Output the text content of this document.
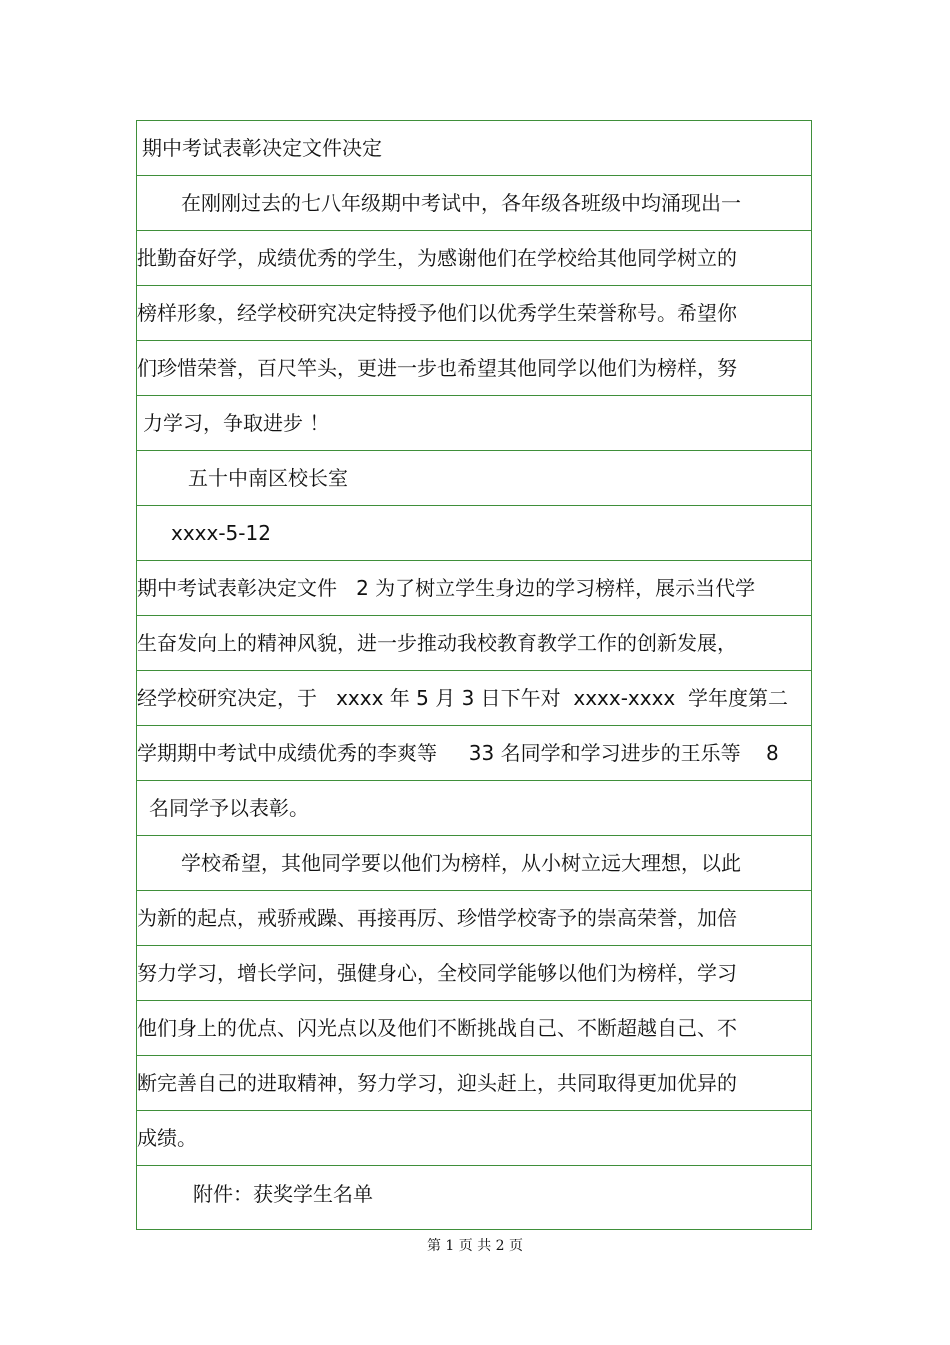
期中考试表彰决定文件决定
在刚刚过去的七八年级期中考试中，各年级各班级中均涌现出一
批勤奋好学，成绩优秀的学生，为感谢他们在学校给其他同学树立的
榜样形象，经学校研究决定特授予他们以优秀学生荣誉称号。希望你
们珍惜荣誉，百尺竿头，更进一步也希望其他同学以他们为榜样，努
力学习，争取进步 ！
五十中南区校长室
xxxx-5-12
期中考试表彰决定文件   2 为了树立学生身边的学习榜样，展示当代学
生奋发向上的精神风貌，进一步推动我校教育教学工作的创新发展，
经学校研究决定，于   xxxx 年 5 月 3 日下午对  xxxx-xxxx  学年度第二
学期期中考试中成绩优秀的李爽等     33 名同学和学习进步的王乐等    8
名同学予以表彰。
学校希望，其他同学要以他们为榜样，从小树立远大理想，以此
为新的起点，戒骄戒躁、再接再厉、珍惜学校寄予的崇高荣誉，加倍
努力学习，增长学问，强健身心，全校同学能够以他们为榜样，学习
他们身上的优点、闪光点以及他们不断挑战自己、不断超越自己、不
断完善自己的进取精神，努力学习，迎头赶上，共同取得更加优异的
成绩。
附件：获奖学生名单
第 1 页 共 2 页
